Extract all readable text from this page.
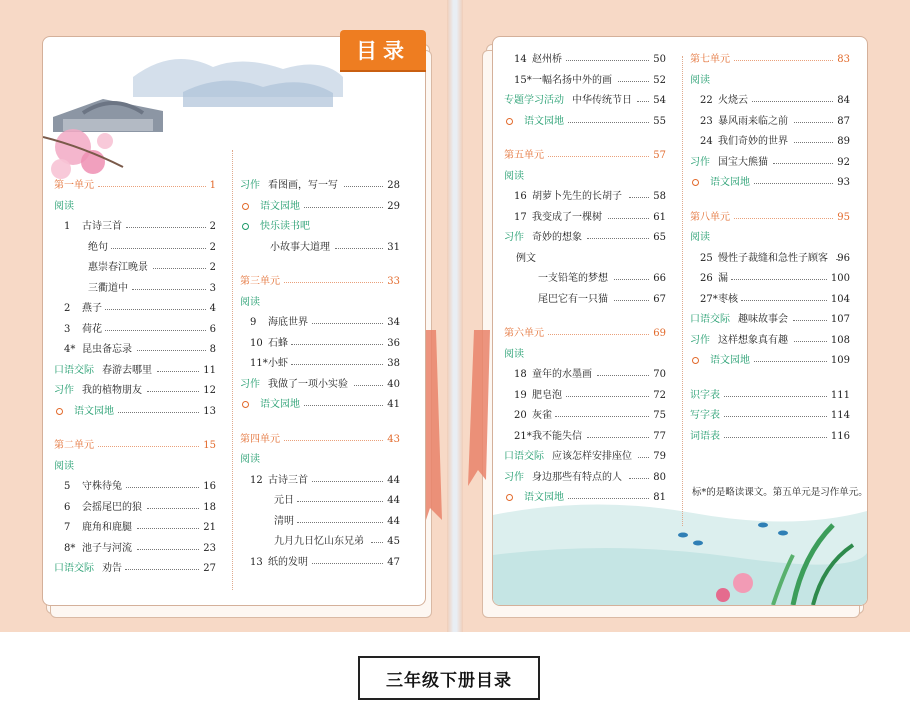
目录
第一单元	1
阅读
1 古诗三首	2
绝句	2
惠崇春江晚景	2
三衢道中	3
2 燕子	4
3 荷花	6
4* 昆虫备忘录	8
口语交际 春游去哪里	11
习作 我的植物朋友	12
语文园地	13
第二单元	15
阅读
5 守株待兔	16
6 会摇尾巴的狼	18
7 鹿角和鹿腿	21
8* 池子与河流	23
口语交际 劝告	27
习作 看图画，写一写	28
语文园地	29
快乐读书吧
小故事大道理	31
第三单元	33
阅读
9 海底世界	34
10 石蜂	36
11* 小虾	38
习作 我做了一项小实验	40
语文园地	41
第四单元	43
阅读
12 古诗三首	44
元日	44
清明	44
九月九日忆山东兄弟 45
13 纸的发明	47
14 赵州桥	50
15* 一幅名扬中外的画	52
专题学习活动 中华传统节日 54
语文园地	55
第五单元	57
阅读
16 胡萝卜先生的长胡子	58
17 我变成了一棵树	61
习作 奇妙的想象	65
例文
一支铅笔的梦想	66
尾巴它有一只猫	67
第六单元	69
阅读
18 童年的水墨画	70
19 肥皂泡	72
20 灰雀	75
21* 我不能失信	77
口语交际 应该怎样安排座位 79
习作 身边那些有特点的人	80
语文园地	81
第七单元	83
阅读
22 火烧云	84
23 暴风雨来临之前	87
24 我们奇妙的世界	89
习作 国宝大熊猫	92
语文园地	93
第八单元	95
阅读
25 慢性子裁缝和急性子顾客 96
26 漏	100
27* 枣核	104
口语交际 趣味故事会	107
习作 这样想象真有趣	108
语文园地	109
识字表	111
写字表	114
词语表	116
标*的是略读课文。第五单元是习作单元。
三年级下册目录
